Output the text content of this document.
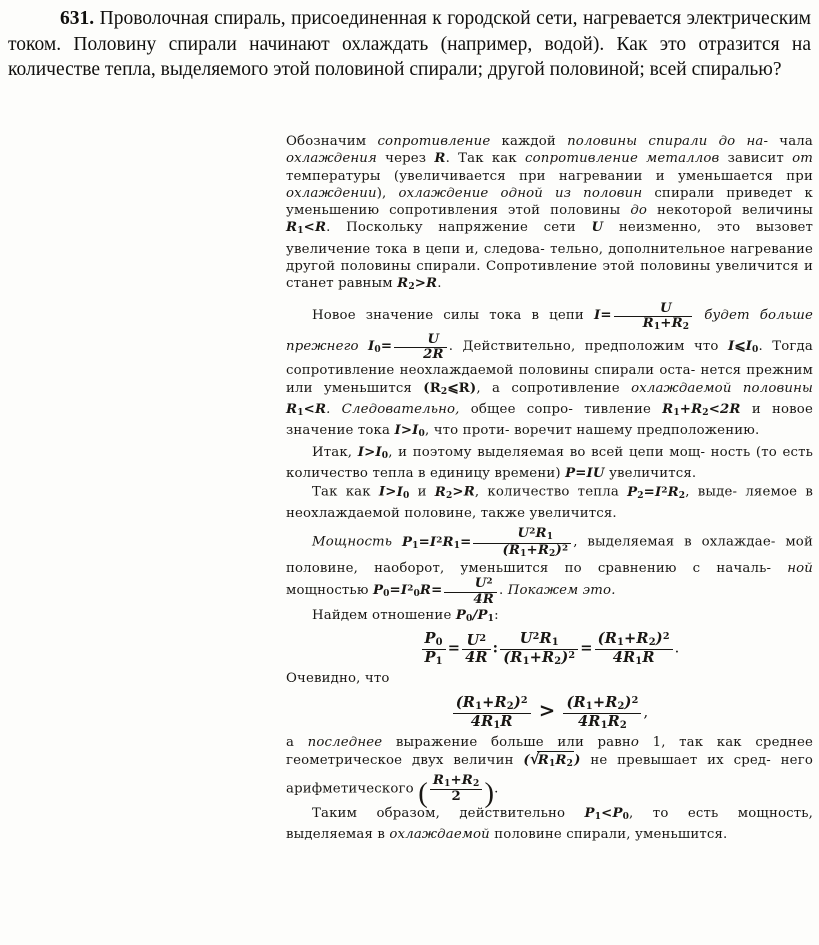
631. Проволочная спираль, присоединенная к городской сети, нагревается электрическим током. Половину спирали начинают охлаждать (например, водой). Как это отразится на количестве тепла, выделяемого этой половиной спирали; другой половиной; всей спиралью?

Обозначим сопротивление каждой половины спирали до на- чала охлаждения через R. Так как сопротивление металлов зависит от температуры (увеличивается при нагревании и уменьшается при охлаждении), охлаждение одной из половин спирали приведет к уменьшению сопротивления этой половины до некоторой величины $R_1<R$. Поскольку напряжение сети U неизменно, это вызовет увеличение тока в цепи и, следова- тельно, дополнительное нагревание другой половины спирали. Сопротивление этой половины увеличится и станет равным $R_2>R$.

Новое значение силы тока в цепи $I= \frac{U}{R_1+R_2}$ будет больше прежнего $I_0= \frac{U}{2R}$ . Действительно, предположим что $I⩽I_0$. Тогда сопротивление неохлаждаемой половины спирали оста- нется прежним или уменьшится $(R_2⩽R)$, а сопротивление охлаждаемой половины $R_1<R$. Следовательно, общее сопро- тивление $R_1+R_2<2R$ и новое значение тока $I>I_0$, что проти- воречит нашему предположению.

Итак, $I>I_0$, и поэтому выделяемая во всей цепи мощ- ность (то есть количество тепла в единицу времени) P=IU увеличится.

Так как $I>I_0$ и $R_2>R$, количество тепла $P_2=I^2R_2$, выде- ляемое в неохлаждаемой половине, также увеличится.

Мощность $P_1=I^2R_1= \frac{U^2R_1}{(R_1+R_2)^2}$ , выделяемая в охлаждае- мой половине, наоборот, уменьшится по сравнению с началь- ной мощностью $P_0=I^2_0R= \frac{U^2}{4R}$ . Покажем это.

Найдем отношение $P_0/P_1$:

$\frac{P_0}{P_1} = \frac{U^2}{4R}$ : $\frac{U^2R_1}{(R_1+R_2)^2} = \frac{(R_1+R_2)^2}{4R_1R}$ .

Очевидно, что

$\frac{(R_1+R_2)^2}{4R_1R} > \frac{(R_1+R_2)^2}{4R_1R_2}$ ,

а последнее выражение больше или равно 1, так как среднее геометрическое двух величин ( √ $R_1R_2$) не превышает их сред- него арифметического ( $\frac{R_1+R_2}{2}$ ).

Таким образом, действительно $P_1<P_0$, то есть мощность, выделяемая в охлаждаемой половине спирали, уменьшится.
